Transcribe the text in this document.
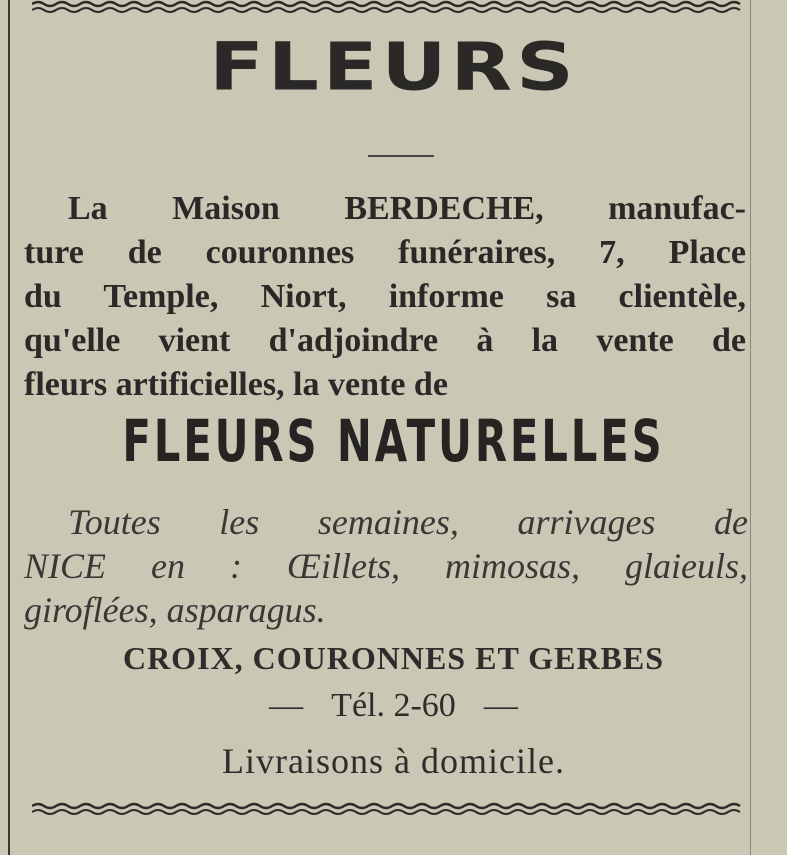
FLEURS
La Maison BERDECHE, manufac-
ture de couronnes funéraires, 7, Place
du Temple, Niort, informe sa clientèle,
qu'elle vient d'adjoindre à la vente de
fleurs artificielles, la vente de
FLEURS NATURELLES
Toutes les semaines, arrivages de
NICE en : Œillets, mimosas, glaieuls,
giroflées, asparagus.
CROIX, COURONNES ET GERBES
— Tél. 2-60 —
Livraisons à domicile.
